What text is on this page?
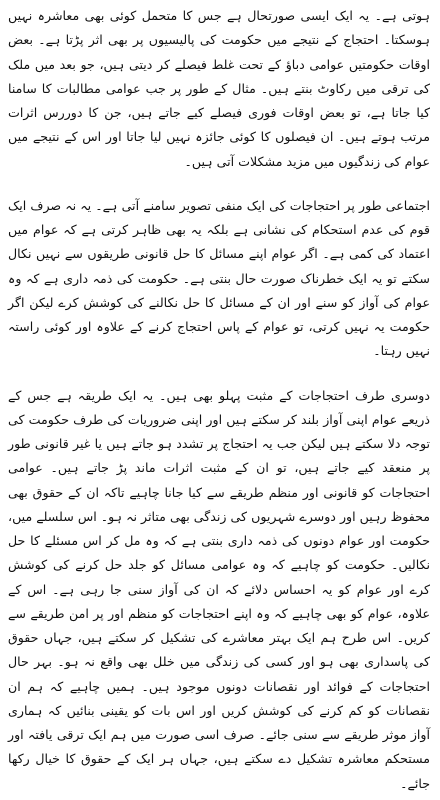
ہوتی ہے۔ یہ ایک ایسی صورتحال ہے جس کا متحمل کوئی بھی معاشرہ نہیں ہوسکتا۔ احتجاج کے نتیجے میں حکومت کی پالیسیوں پر بھی اثر پڑتا ہے۔ بعض اوقات حکومتیں عوامی دباؤ کے تحت غلط فیصلے کر دیتی ہیں، جو بعد میں ملک کی ترقی میں رکاوٹ بنتے ہیں۔ مثال کے طور پر جب عوامی مطالبات کا سامنا کیا جاتا ہے، تو بعض اوقات فوری فیصلے کیے جاتے ہیں، جن کا دوررس اثرات مرتب ہوتے ہیں۔ ان فیصلوں کا کوئی جائزہ نہیں لیا جاتا اور اس کے نتیجے میں عوام کی زندگیوں میں مزید مشکلات آتی ہیں۔

اجتماعی طور پر احتجاجات کی ایک منفی تصویر سامنے آتی ہے۔ یہ نہ صرف ایک قوم کی عدم استحکام کی نشانی ہے بلکہ یہ بھی ظاہر کرتی ہے کہ عوام میں اعتماد کی کمی ہے۔ اگر عوام اپنے مسائل کا حل قانونی طریقوں سے نہیں نکال سکتے تو یہ ایک خطرناک صورت حال بنتی ہے۔ حکومت کی ذمہ داری ہے کہ وہ عوام کی آواز کو سنے اور ان کے مسائل کا حل نکالنے کی کوشش کرے لیکن اگر حکومت یہ نہیں کرتی، تو عوام کے پاس احتجاج کرنے کے علاوہ اور کوئی راستہ نہیں رہتا۔

دوسری طرف احتجاجات کے مثبت پہلو بھی ہیں۔ یہ ایک طریقہ ہے جس کے ذریعے عوام اپنی آواز بلند کر سکتے ہیں اور اپنی ضروریات کی طرف حکومت کی توجہ دلا سکتے ہیں لیکن جب یہ احتجاج پر تشدد ہو جاتے ہیں یا غیر قانونی طور پر منعقد کیے جاتے ہیں، تو ان کے مثبت اثرات ماند پڑ جاتے ہیں۔ عوامی احتجاجات کو قانونی اور منظم طریقے سے کیا جانا چاہیے تاکہ ان کے حقوق بھی محفوظ رہیں اور دوسرے شہریوں کی زندگی بھی متاثر نہ ہو۔ اس سلسلے میں، حکومت اور عوام دونوں کی ذمہ داری بنتی ہے کہ وہ مل کر اس مسئلے کا حل نکالیں۔ حکومت کو چاہیے کہ وہ عوامی مسائل کو جلد حل کرنے کی کوشش کرے اور عوام کو یہ احساس دلائے کہ ان کی آواز سنی جا رہی ہے۔ اس کے علاوہ، عوام کو بھی چاہیے کہ وہ اپنے احتجاجات کو منظم اور پر امن طریقے سے کریں۔ اس طرح ہم ایک بہتر معاشرے کی تشکیل کر سکتے ہیں، جہاں حقوق کی پاسداری بھی ہو اور کسی کی زندگی میں خلل بھی واقع نہ ہو۔ بہر حال احتجاجات کے فوائد اور نقصانات دونوں موجود ہیں۔ ہمیں چاہیے کہ ہم ان نقصانات کو کم کرنے کی کوشش کریں اور اس بات کو یقینی بنائیں کہ ہماری آواز موثر طریقے سے سنی جائے۔ صرف اسی صورت میں ہم ایک ترقی یافتہ اور مستحکم معاشرہ تشکیل دے سکتے ہیں، جہاں ہر ایک کے حقوق کا خیال رکھا جائے۔
